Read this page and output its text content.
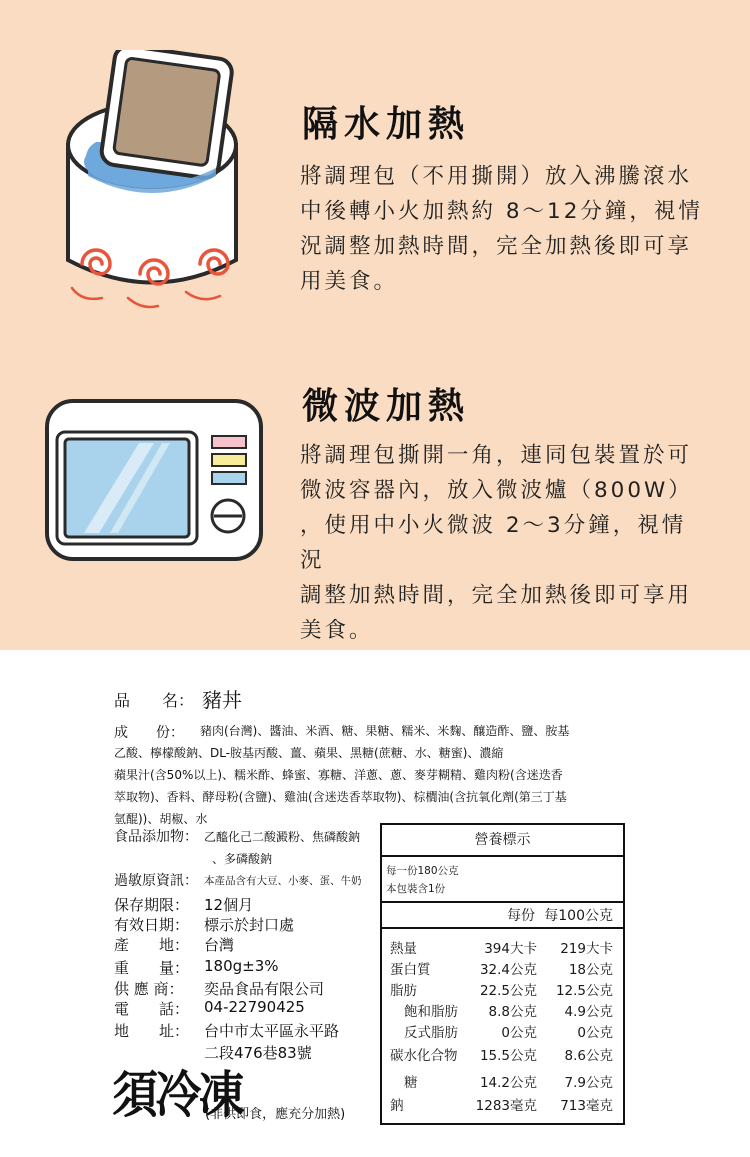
隔水加熱
將調理包（不用撕開）放入沸騰滾水
中後轉小火加熱約 8～12分鐘，視情
況調整加熱時間，完全加熱後即可享
用美食。
微波加熱
將調理包撕開一角，連同包裝置於可
微波容器內，放入微波爐（800W）
，使用中小火微波 2～3分鐘，視情況
調整加熱時間，完全加熱後即可享用
美食。
品　　名： 豬丼
成　　份：	豬肉(台灣)、醬油、米酒、糖、果糖、糯米、米麴、釀造酢、鹽、胺基
乙酸、檸檬酸鈉、DL-胺基丙酸、薑、蘋果、黑糖(蔗糖、水、糖蜜)、濃縮
蘋果汁(含50%以上)、糯米酢、蜂蜜、寡糖、洋蔥、蔥、麥芽糊精、雞肉粉(含迷迭香
萃取物)、香料、酵母粉(含鹽)、雞油(含迷迭香萃取物)、棕櫚油(含抗氧化劑(第三丁基
氫醌))、胡椒、水
食品添加物： 乙醯化己二酸澱粉、焦磷酸鈉
、多磷酸鈉
過敏原資訊： 本產品含有大豆、小麥、蛋、牛奶
保存期限： 12個月
有效日期： 標示於封口處
產　　地： 台灣
重　　量： 180g±3%
供 應 商： 奕品食品有限公司
電　　話： 04-22790425
地　　址： 台中市太平區永平路
二段476巷83號
須冷凍
(非供即食，應充分加熱)
營養標示
每一份180公克
本包裝含1份
每份 每100公克
熱量	394大卡 219大卡
蛋白質	32.4公克 18公克
脂肪	22.5公克 12.5公克
飽和脂肪 8.8公克 4.9公克
反式脂肪	0公克	0公克
碳水化合物 15.5公克 8.6公克
糖	14.2公克 7.9公克
鈉	1283毫克 713毫克
